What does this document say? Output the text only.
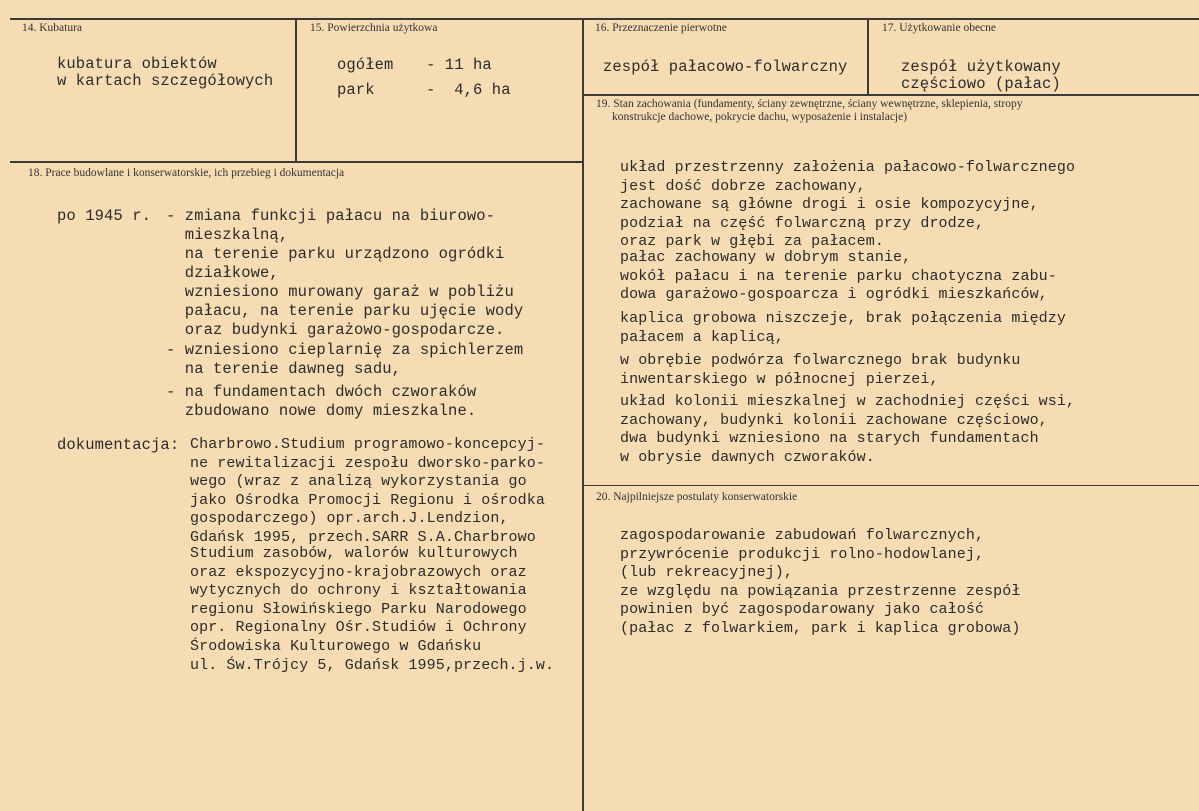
14. Kubatura
kubatura obiektów
w kartach szczegółowych
15. Powierzchnia użytkowa
ogółem - 11 ha
park	-  4,6 ha
16. Przeznaczenie pierwotne
zespół pałacowo-folwarczny
17. Użytkowanie obecne
zespół użytkowany
częściowo (pałac)
18. Prace budowlane i konserwatorskie, ich przebieg i dokumentacja
po 1945 r. - zmiana funkcji pałacu na biurowo-
mieszkalną,
na terenie parku urządzono ogródki
działkowe,
wzniesiono murowany garaż w pobliżu
pałacu, na terenie parku ujęcie wody
oraz budynki garażowo-gospodarcze.
- wzniesiono cieplarnię za spichlerzem
na terenie dawneg sadu,
- na fundamentach dwóch czworaków
zbudowano nowe domy mieszkalne.
dokumentacja: Charbrowo.Studium programowo-koncepcyj-
ne rewitalizacji zespołu dworsko-parko-
wego (wraz z analizą wykorzystania go
jako Ośrodka Promocji Regionu i ośrodka
gospodarczego) opr.arch.J.Lendzion,
Gdańsk 1995, przech.SARR S.A.Charbrowo
Studium zasobów, walorów kulturowych
oraz ekspozycyjno-krajobrazowych oraz
wytycznych do ochrony i kształtowania
regionu Słowińskiego Parku Narodowego
opr. Regionalny Ośr.Studiów i Ochrony
Środowiska Kulturowego w Gdańsku
ul. Św.Trójcy 5, Gdańsk 1995,przech.j.w.
19. Stan zachowania (fundamenty, ściany zewnętrzne, ściany wewnętrzne, sklepienia, stropy
konstrukcje dachowe, pokrycie dachu, wyposażenie i instalacje)
układ przestrzenny założenia pałacowo-folwarcznego
jest dość dobrze zachowany,
zachowane są główne drogi i osie kompozycyjne,
podział na część folwarczną przy drodze,
oraz park w głębi za pałacem.
pałac zachowany w dobrym stanie,
wokół pałacu i na terenie parku chaotyczna zabu-
dowa garażowo-gospoarcza i ogródki mieszkańców,
kaplica grobowa niszczeje, brak połączenia między
pałacem a kaplicą,
w obrębie podwórza folwarcznego brak budynku
inwentarskiego w północnej pierzei,
układ kolonii mieszkalnej w zachodniej części wsi,
zachowany, budynki kolonii zachowane częściowo,
dwa budynki wzniesiono na starych fundamentach
w obrysie dawnych czworaków.
20. Najpilniejsze postulaty konserwatorskie
zagospodarowanie zabudowań folwarcznych,
przywrócenie produkcji rolno-hodowlanej,
(lub rekreacyjnej),
ze względu na powiązania przestrzenne zespół
powinien być zagospodarowany jako całość
(pałac z folwarkiem, park i kaplica grobowa)
